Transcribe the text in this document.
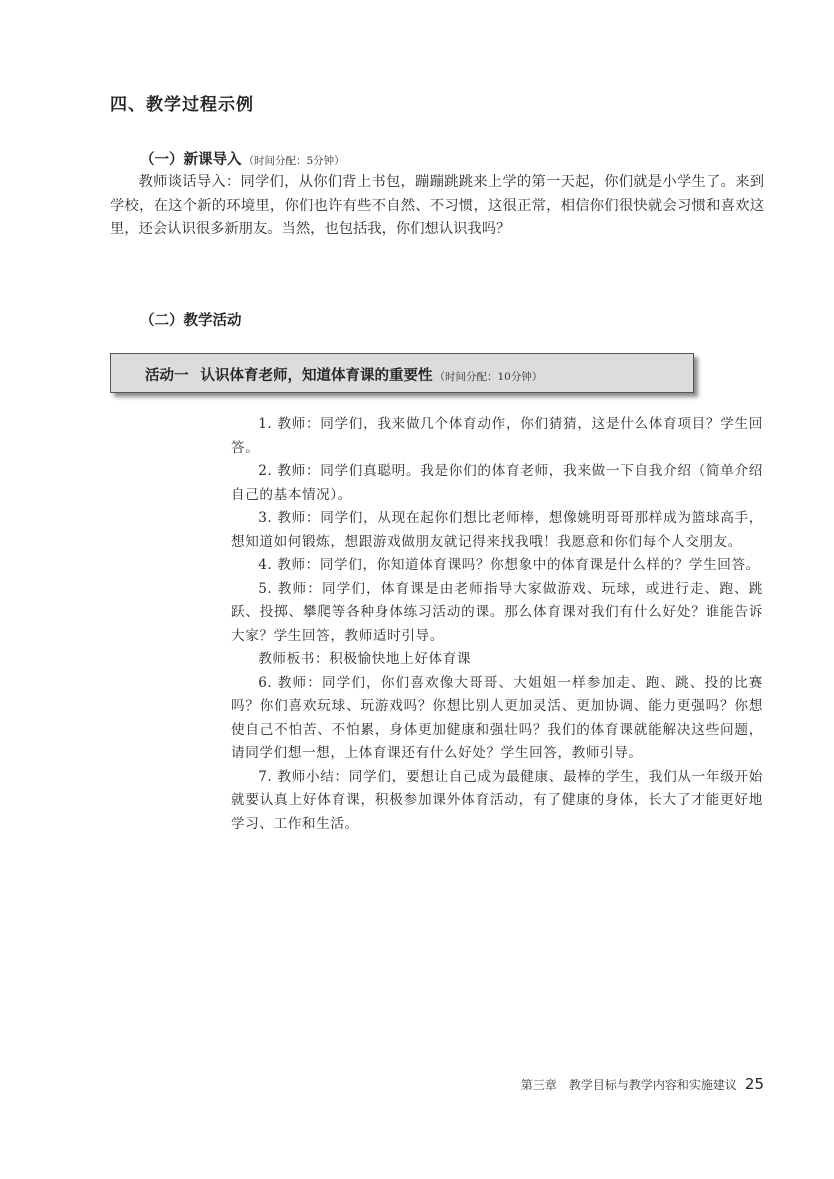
四、教学过程示例
（一）新课导入 （时间分配：5分钟）

教师谈话导入：同学们，从你们背上书包，蹦蹦跳跳来上学的第一天起，你们就是小学生了。来到学校，在这个新的环境里，你们也许有些不自然、不习惯，这很正常，相信你们很快就会习惯和喜欢这里，还会认识很多新朋友。当然，也包括我，你们想认识我吗？

（二）教学活动
活动一 认识体育老师，知道体育课的重要性 （时间分配：10分钟）

1. 教师：同学们，我来做几个体育动作，你们猜猜，这是什么体育项目？学生回答。

2. 教师：同学们真聪明。我是你们的体育老师，我来做一下自我介绍（简单介绍自己的基本情况）。

3. 教师：同学们，从现在起你们想比老师棒，想像姚明哥哥那样成为篮球高手，想知道如何锻炼，想跟游戏做朋友就记得来找我哦！我愿意和你们每个人交朋友。

4. 教师：同学们，你知道体育课吗？你想象中的体育课是什么样的？学生回答。

5. 教师：同学们，体育课是由老师指导大家做游戏、玩球，或进行走、跑、跳跃、投掷、攀爬等各种身体练习活动的课。那么体育课对我们有什么好处？谁能告诉大家？学生回答，教师适时引导。

教师板书：积极愉快地上好体育课

6. 教师：同学们，你们喜欢像大哥哥、大姐姐一样参加走、跑、跳、投的比赛吗？你们喜欢玩球、玩游戏吗？你想比别人更加灵活、更加协调、能力更强吗？你想使自己不怕苦、不怕累，身体更加健康和强壮吗？我们的体育课就能解决这些问题，请同学们想一想，上体育课还有什么好处？学生回答，教师引导。

7. 教师小结：同学们，要想让自己成为最健康、最棒的学生，我们从一年级开始就要认真上好体育课，积极参加课外体育活动，有了健康的身体，长大了才能更好地学习、工作和生活。

第三章　教学目标与教学内容和实施建议 25
